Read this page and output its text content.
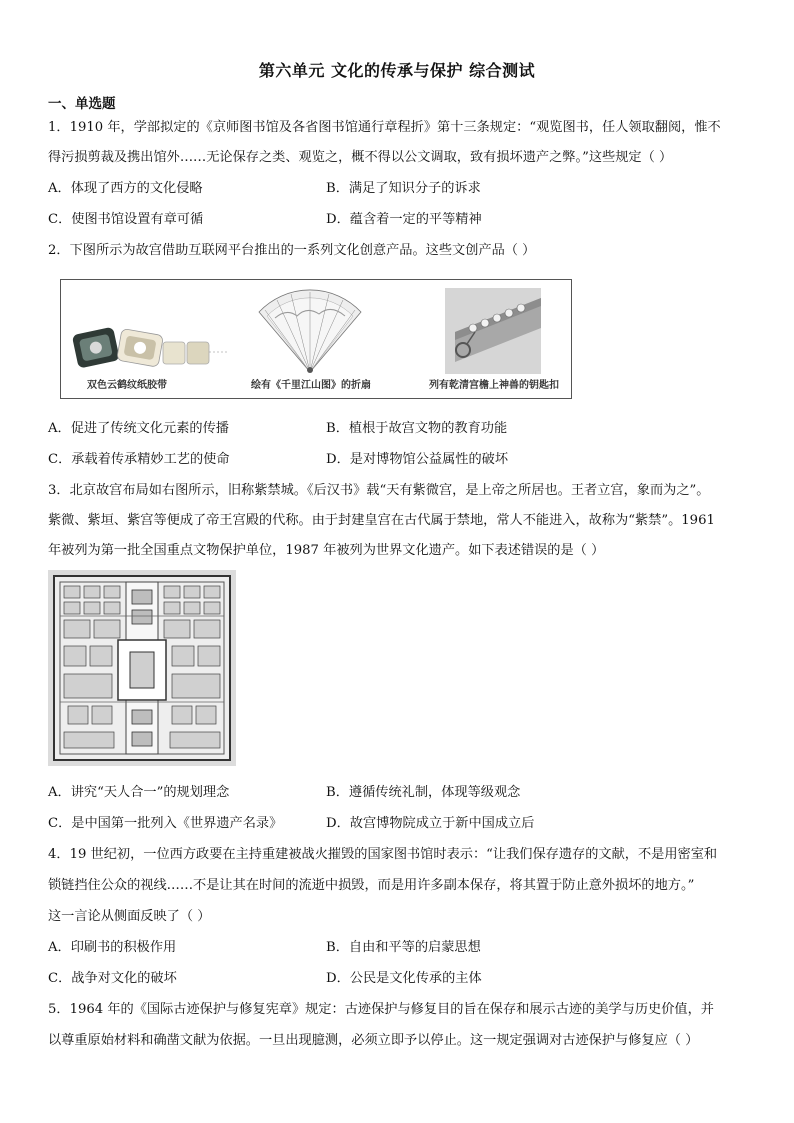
第六单元 文化的传承与保护 综合测试
一、单选题
1．1910 年，学部拟定的《京师图书馆及各省图书馆通行章程折》第十三条规定：“观览图书，任人领取翻阅，惟不
得污损剪裁及携出馆外……无论保存之类、观览之，概不得以公文调取，致有损坏遗产之弊。”这些规定（ ）
A．体现了西方的文化侵略	B．满足了知识分子的诉求
C．使图书馆设置有章可循	D．蕴含着一定的平等精神
2．下图所示为故宫借助互联网平台推出的一系列文化创意产品。这些文创产品（ ）
双色云鹤纹纸胶带	绘有《千里江山图》的折扇	列有乾清宫檐上神兽的钥匙扣
A．促进了传统文化元素的传播	B．植根于故宫文物的教育功能
C．承载着传承精妙工艺的使命	D．是对博物馆公益属性的破坏
3．北京故宫布局如右图所示，旧称紫禁城。《后汉书》载“天有紫微宫，是上帝之所居也。王者立宫，象而为之”。
紫微、紫垣、紫宫等便成了帝王宫殿的代称。由于封建皇宫在古代属于禁地，常人不能进入，故称为“紫禁”。1961
年被列为第一批全国重点文物保护单位，1987 年被列为世界文化遗产。如下表述错误的是（ ）
A．讲究“天人合一”的规划理念	B．遵循传统礼制，体现等级观念
C．是中国第一批列入《世界遗产名录》	D．故宫博物院成立于新中国成立后
4．19 世纪初，一位西方政要在主持重建被战火摧毁的国家图书馆时表示：“让我们保存遗存的文献，不是用密室和
锁链挡住公众的视线……不是让其在时间的流逝中损毁，而是用许多副本保存，将其置于防止意外损坏的地方。”
这一言论从侧面反映了（ ）
A．印刷书的积极作用	B．自由和平等的启蒙思想
C．战争对文化的破坏	D．公民是文化传承的主体
5．1964 年的《国际古迹保护与修复宪章》规定：古迹保护与修复目的旨在保存和展示古迹的美学与历史价值，并
以尊重原始材料和确凿文献为依据。一旦出现臆测，必须立即予以停止。这一规定强调对古迹保护与修复应（ ）
